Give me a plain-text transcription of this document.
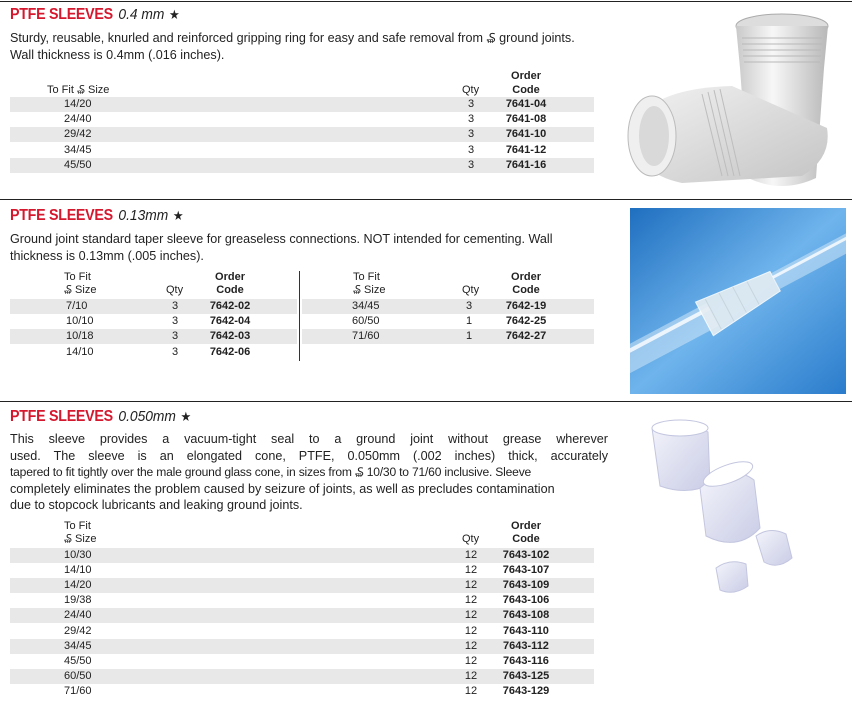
PTFE SLEEVES 0.4 mm ★
Sturdy, reusable, knurled and reinforced gripping ring for easy and safe removal from ₷ ground joints.
Wall thickness is 0.4mm (.016 inches).
To Fit ₷ Size	Qty
Order
Code
14/20	3	7641-04
24/40	3	7641-08
29/42	3	7641-10
34/45	3	7641-12
45/50	3	7641-16
PTFE SLEEVES 0.13mm ★
Ground joint standard taper sleeve for greaseless connections. NOT intended for cementing. Wall
thickness is 0.13mm (.005 inches).
To Fit
₷ Size	Qty
Order
Code
To Fit
₷ Size	Qty
Order
Code
7/10	3	7642-02
10/10	3	7642-04
10/18	3	7642-03
14/10	3	7642-06
34/45	3	7642-19
60/50	1	7642-25
71/60	1	7642-27
PTFE SLEEVES 0.050mm ★
This sleeve provides a vacuum-tight seal to a ground joint without grease wherever
used. The sleeve is an elongated cone, PTFE, 0.050mm (.002 inches) thick, accurately
tapered to fit tightly over the male ground glass cone, in sizes from ₷ 10/30 to 71/60 inclusive. Sleeve
completely eliminates the problem caused by seizure of joints, as well as precludes contamination
due to stopcock lubricants and leaking ground joints.
To Fit
₷ Size	Qty
Order
Code
10/30	12	7643-102
14/10	12	7643-107
14/20	12	7643-109
19/38	12	7643-106
24/40	12	7643-108
29/42	12	7643-110
34/45	12	7643-112
45/50	12	7643-116
60/50	12	7643-125
71/60	12	7643-129
